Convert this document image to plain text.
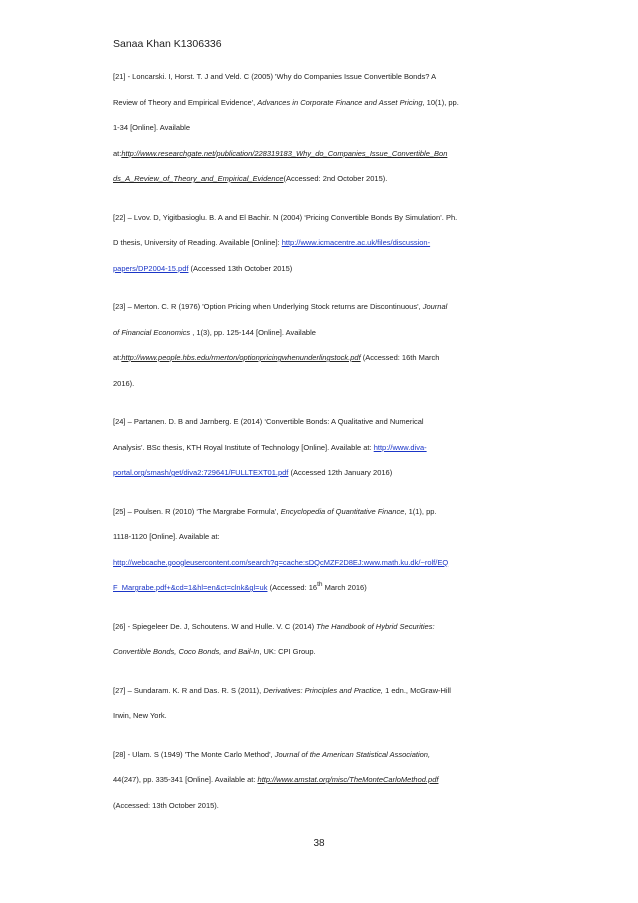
Sanaa Khan K1306336
[21] - Loncarski. I, Horst. T. J and Veld. C (2005) 'Why do Companies Issue Convertible Bonds? A
Review of Theory and Empirical Evidence', Advances in Corporate Finance and Asset Pricing, 10(1), pp.
1-34 [Online]. Available
at:http://www.researchgate.net/publication/228319183_Why_do_Companies_Issue_Convertible_Bon
ds_A_Review_of_Theory_and_Empirical_Evidence(Accessed: 2nd October 2015).
[22] – Lvov. D, Yigitbasioglu. B. A and El Bachir. N (2004) ‘Pricing Convertible Bonds By Simulation’. Ph.
D thesis, University of Reading. Available [Online]: http://www.icmacentre.ac.uk/files/discussion-
papers/DP2004-15.pdf (Accessed 13th October 2015)
[23] – Merton. C. R (1976) 'Option Pricing when Underlying Stock returns are Discontinuous', Journal
of Financial Economics , 1(3), pp. 125-144 [Online]. Available
at:http://www.people.hbs.edu/rmerton/optionpricingwhenunderlingstock.pdf (Accessed: 16th March
2016).
[24] – Partanen. D. B and Jarnberg. E (2014) ‘Convertible Bonds: A Qualitative and Numerical
Analysis’. BSc thesis, KTH Royal Institute of Technology [Online]. Available at: http://www.diva-
portal.org/smash/get/diva2:729641/FULLTEXT01.pdf (Accessed 12th January 2016)
[25] – Poulsen. R (2010) ‘The Margrabe Formula’, Encyclopedia of Quantitative Finance, 1(1), pp.
1118-1120 [Online]. Available at:
http://webcache.googleusercontent.com/search?q=cache:sDQcMZF2D8EJ:www.math.ku.dk/~rolf/EQ
F_Margrabe.pdf+&cd=1&hl=en&ct=clnk&gl=uk (Accessed: 16th March 2016)
[26] - Spiegeleer De. J, Schoutens. W and Hulle. V. C (2014) The Handbook of Hybrid Securities:
Convertible Bonds, Coco Bonds, and Bail-In, UK: CPI Group.
[27] – Sundaram. K. R and Das. R. S (2011), Derivatives: Principles and Practice, 1 edn., McGraw-Hill
Irwin, New York.
[28] - Ulam. S (1949) 'The Monte Carlo Method', Journal of the American Statistical Association,
44(247), pp. 335-341 [Online]. Available at: http://www.amstat.org/misc/TheMonteCarloMethod.pdf
(Accessed: 13th October 2015).
38
